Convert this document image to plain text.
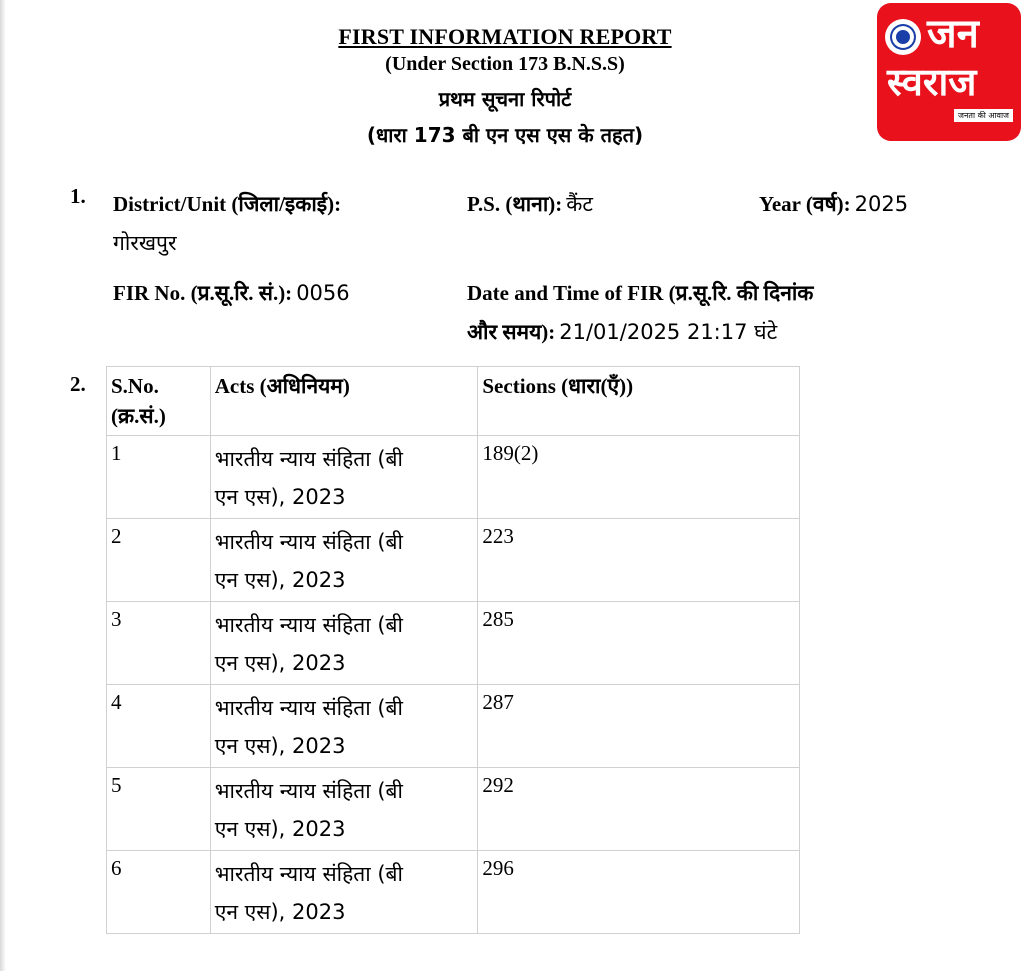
FIRST INFORMATION REPORT
(Under Section 173 B.N.S.S)
प्रथम सूचना रिपोर्ट
(धारा 173 बी एन एस एस के तहत)
जन
स्वराज
जनता की आवाज
1. District/Unit (जिला/इकाई):
गोरखपुर
P.S. (थाना): कैंट	Year (वर्ष): 2025
FIR No. (प्र.सू.रि. सं.): 0056	Date and Time of FIR (प्र.सू.रि. की दिनांक
और समय): 21/01/2025 21:17 घंटे
2. S.No. (क्र.सं.)	Acts (अधिनियम)	Sections (धारा(एँ))
1	भारतीय न्याय संहिता (बी
एन एस), 2023	189(2)
2	भारतीय न्याय संहिता (बी
एन एस), 2023	223
3	भारतीय न्याय संहिता (बी
एन एस), 2023	285
4	भारतीय न्याय संहिता (बी
एन एस), 2023	287
5	भारतीय न्याय संहिता (बी
एन एस), 2023	292
6	भारतीय न्याय संहिता (बी
एन एस), 2023	296
